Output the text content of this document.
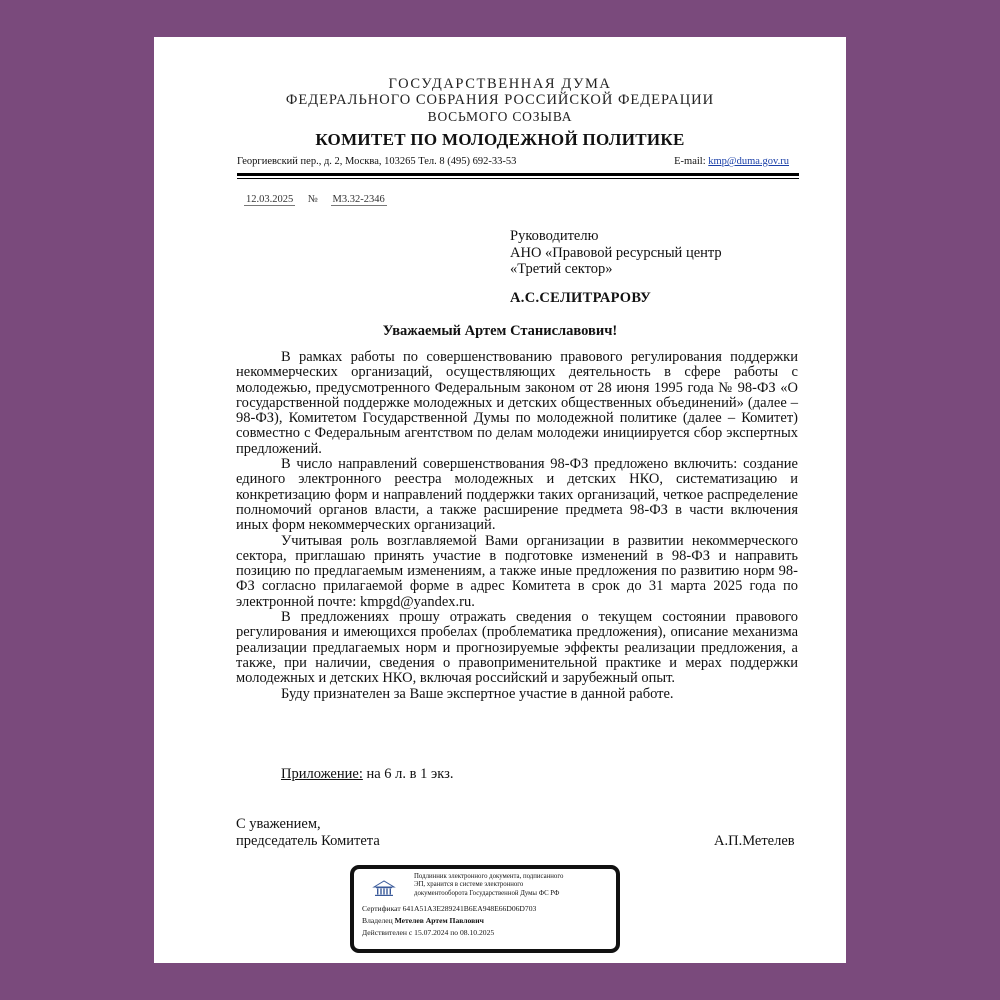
ГОСУДАРСТВЕННАЯ ДУМА
ФЕДЕРАЛЬНОГО СОБРАНИЯ РОССИЙСКОЙ ФЕДЕРАЦИИ
ВОСЬМОГО СОЗЫВА
КОМИТЕТ ПО МОЛОДЕЖНОЙ ПОЛИТИКЕ
Георгиевский пер., д. 2, Москва, 103265 Тел. 8 (495) 692-33-53	E-mail: kmp@duma.gov.ru
12.03.2025 № М3.32-2346
Руководителю
АНО «Правовой ресурсный центр
«Третий сектор»
А.С.СЕЛИТРАРОВУ
Уважаемый Артем Станиславович!

В рамках работы по совершенствованию правового регулирования поддержки некоммерческих организаций, осуществляющих деятельность в сфере работы с молодежью, предусмотренного Федеральным законом от 28 июня 1995 года № 98-ФЗ «О государственной поддержке молодежных и детских общественных объединений» (далее – 98-ФЗ), Комитетом Государственной Думы по молодежной политике (далее – Комитет) совместно с Федеральным агентством по делам молодежи инициируется сбор экспертных предложений.

В число направлений совершенствования 98-ФЗ предложено включить: создание единого электронного реестра молодежных и детских НКО, систематизацию и конкретизацию форм и направлений поддержки таких организаций, четкое распределение полномочий органов власти, а также расширение предмета 98-ФЗ в части включения иных форм некоммерческих организаций.

Учитывая роль возглавляемой Вами организации в развитии некоммерческого сектора, приглашаю принять участие в подготовке изменений в 98-ФЗ и направить позицию по предлагаемым изменениям, а также иные предложения по развитию норм 98-ФЗ согласно прилагаемой форме в адрес Комитета в срок до 31 марта 2025 года по электронной почте: kmpgd@yandex.ru.

В предложениях прошу отражать сведения о текущем состоянии правового регулирования и имеющихся пробелах (проблематика предложения), описание механизма реализации предлагаемых норм и прогнозируемые эффекты реализации предложения, а также, при наличии, сведения о правоприменительной практике и мерах поддержки молодежных и детских НКО, включая российский и зарубежный опыт.

Буду признателен за Ваше экспертное участие в данной работе.

Приложение: на 6 л. в 1 экз.
С уважением,
председатель Комитета	А.П.Метелев
Подлинник электронного документа, подписанного
ЭП, хранится в системе электронного
документооборота Государственной Думы ФС РФ
Сертификат 641A51A3E289241B6EA948E66D06D703
Владелец Метелев Артем Павлович
Действителен с 15.07.2024 по 08.10.2025
